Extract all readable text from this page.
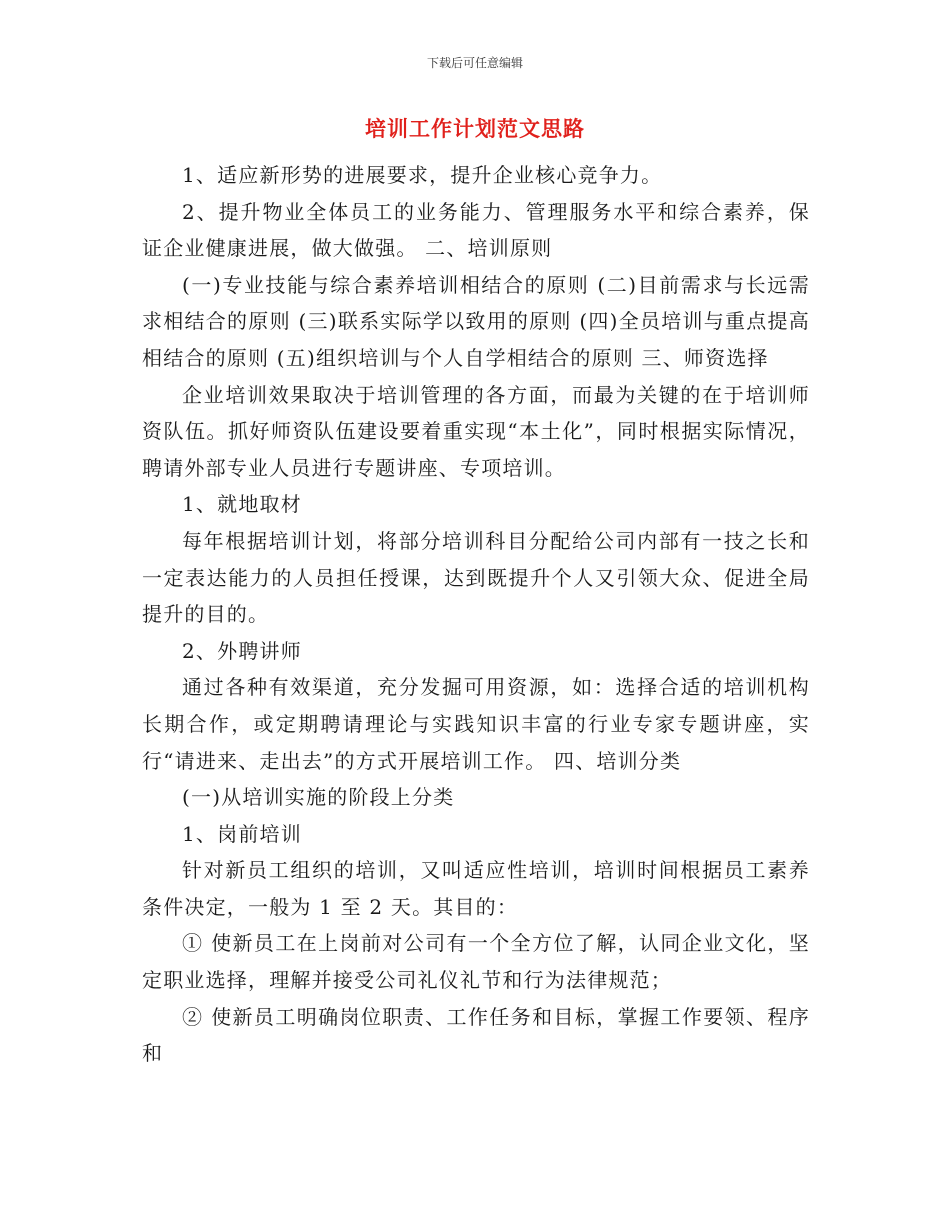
下载后可任意编辑
培训工作计划范文思路

1、适应新形势的进展要求，提升企业核心竞争力。

2、提升物业全体员工的业务能力、管理服务水平和综合素养，保证企业健康进展，做大做强。 二、培训原则

(一)专业技能与综合素养培训相结合的原则 (二)目前需求与长远需求相结合的原则 (三)联系实际学以致用的原则 (四)全员培训与重点提高相结合的原则 (五)组织培训与个人自学相结合的原则 三、师资选择

企业培训效果取决于培训管理的各方面，而最为关键的在于培训师资队伍。抓好师资队伍建设要着重实现“本土化”，同时根据实际情况，聘请外部专业人员进行专题讲座、专项培训。

1、就地取材

每年根据培训计划，将部分培训科目分配给公司内部有一技之长和一定表达能力的人员担任授课，达到既提升个人又引领大众、促进全局提升的目的。

2、外聘讲师

通过各种有效渠道，充分发掘可用资源，如：选择合适的培训机构长期合作，或定期聘请理论与实践知识丰富的行业专家专题讲座，实行“请进来、走出去”的方式开展培训工作。 四、培训分类

(一)从培训实施的阶段上分类

1、岗前培训

针对新员工组织的培训，又叫适应性培训，培训时间根据员工素养条件决定，一般为 1 至 2 天。其目的：

① 使新员工在上岗前对公司有一个全方位了解，认同企业文化，坚定职业选择，理解并接受公司礼仪礼节和行为法律规范；

② 使新员工明确岗位职责、工作任务和目标，掌握工作要领、程序和
